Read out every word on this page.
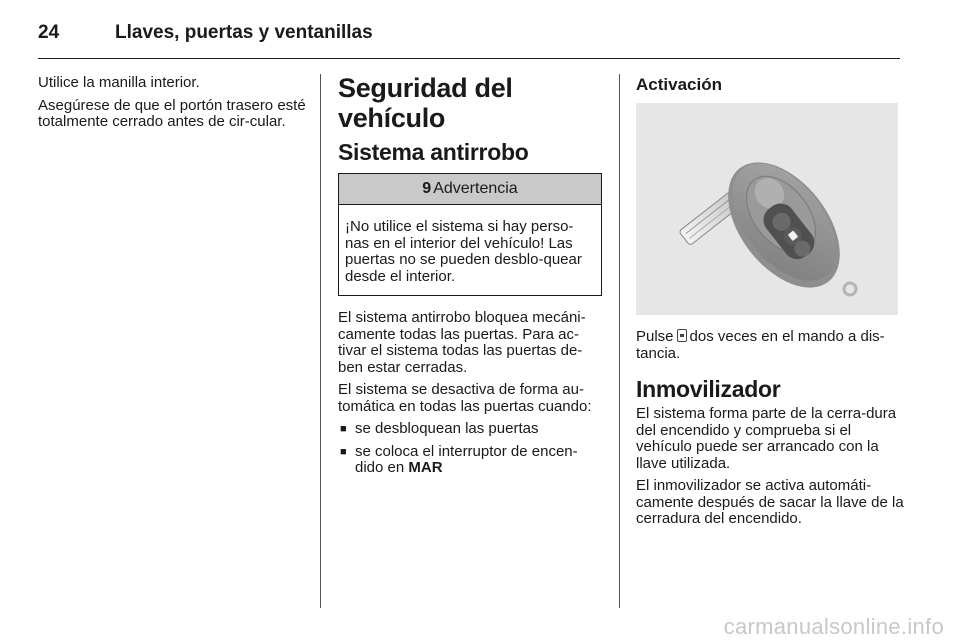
24	Llaves, puertas y ventanillas

Utilice la manilla interior.

Asegúrese de que el portón trasero esté totalmente cerrado antes de cir-cular.

Seguridad del vehículo
Sistema antirrobo
9 Advertencia
¡No utilice el sistema si hay perso-nas en el interior del vehículo! Las puertas no se pueden desblo-quear desde el interior.

El sistema antirrobo bloquea mecáni-camente todas las puertas. Para ac-tivar el sistema todas las puertas de-ben estar cerradas.

El sistema se desactiva de forma au-tomática en todas las puertas cuando:

■ se desbloquean las puertas
■ se coloca el interruptor de encen-dido en MAR
Activación

Pulse dos veces en el mando a dis-tancia.

Inmovilizador

El sistema forma parte de la cerra-dura del encendido y comprueba si el vehículo puede ser arrancado con la llave utilizada.

El inmovilizador se activa automáti-camente después de sacar la llave de la cerradura del encendido.

carmanualsonline.info
